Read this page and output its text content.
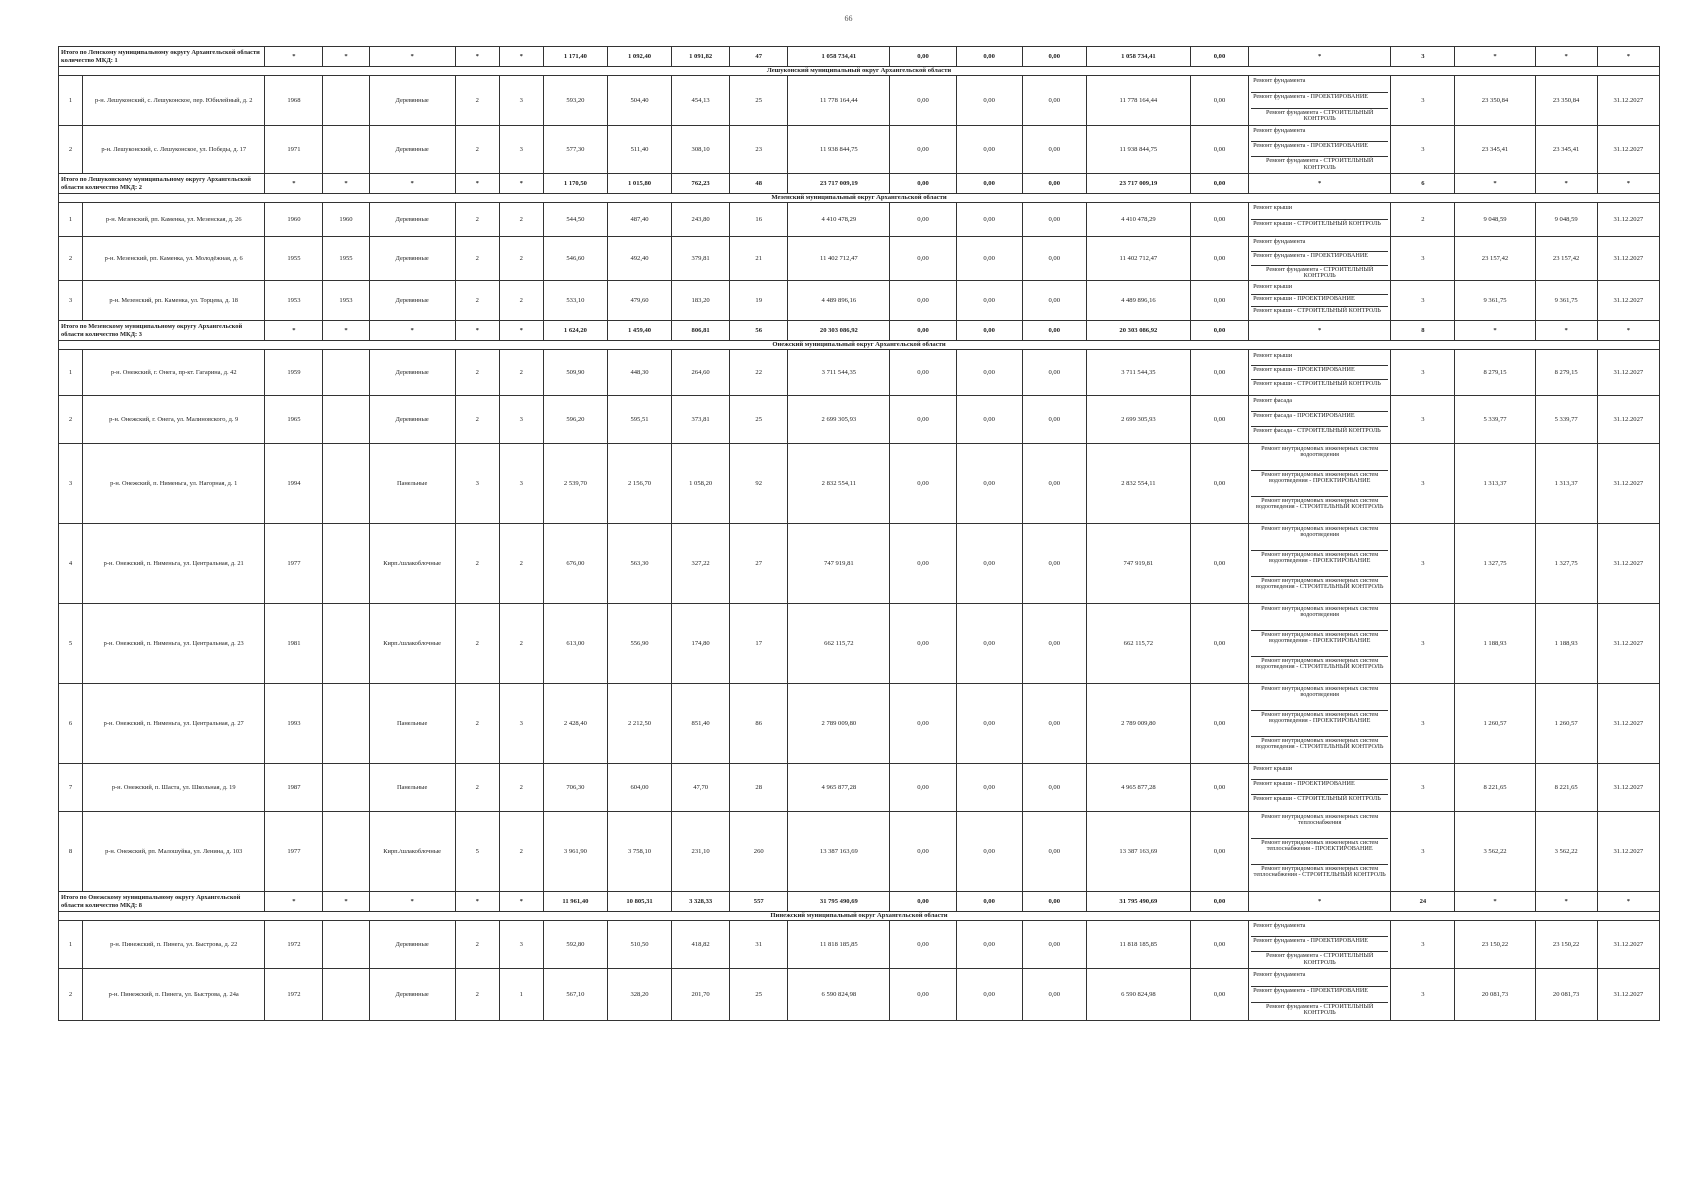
66
Итого по Ленскому муниципальному округу Архангельской области количество МКД: 1		*	*	*	*	*	1 171,40	1 092,40	1 091,82	47	1 058 734,41	0,00	0,00	0,00	1 058 734,41	0,00	*	3	*	*	*
Лешуконский муниципальный округ Архангельской области																					
1	р-н. Лешуконский, с. Лешуконское, пер. Юбилейный, д. 2	1968		Деревянные	2	3	593,20	504,40	454,13	25	11 778 164,44	0,00	0,00	0,00	11 778 164,44	0,00	Ремонт фундамента
Ремонт фундамента - ПРОЕКТИРОВАНИЕ
Ремонт фундамента - СТРОИТЕЛЬНЫЙ КОНТРОЛЬ	3	23 350,84	23 350,84	31.12.2027
2	р-н. Лешуконский, с. Лешуконское, ул. Победы, д. 17	1971		Деревянные	2	3	577,30	511,40	308,10	23	11 938 844,75	0,00	0,00	0,00	11 938 844,75	0,00	Ремонт фундамента
Ремонт фундамента - ПРОЕКТИРОВАНИЕ
Ремонт фундамента - СТРОИТЕЛЬНЫЙ КОНТРОЛЬ	3	23 345,41	23 345,41	31.12.2027
Итого по Лешуконскому муниципальному округу Архангельской области количество МКД: 2		*	*	*	*	*	1 170,50	1 015,80	762,23	48	23 717 009,19	0,00	0,00	0,00	23 717 009,19	0,00	*	6	*	*	*
Мезенский муниципальный округ Архангельской области																					
1	р-н. Мезенский, рп. Каменка, ул. Мезенская, д. 26	1960	1960	Деревянные	2	2	544,50	487,40	243,80	16	4 410 478,29	0,00	0,00	0,00	4 410 478,29	0,00	Ремонт крыши
Ремонт крыши - СТРОИТЕЛЬНЫЙ КОНТРОЛЬ	2	9 048,59	9 048,59	31.12.2027
2	р-н. Мезенский, рп. Каменка, ул. Молодёжная, д. 6	1955	1955	Деревянные	2	2	546,60	492,40	379,81	21	11 402 712,47	0,00	0,00	0,00	11 402 712,47	0,00	Ремонт фундамента
Ремонт фундамента - ПРОЕКТИРОВАНИЕ
Ремонт фундамента - СТРОИТЕЛЬНЫЙ КОНТРОЛЬ	3	23 157,42	23 157,42	31.12.2027
3	р-н. Мезенский, рп. Каменка, ул. Торцева, д. 18	1953	1953	Деревянные	2	2	533,10	479,60	183,20	19	4 489 896,16	0,00	0,00	0,00	4 489 896,16	0,00	Ремонт крыши
Ремонт крыши - ПРОЕКТИРОВАНИЕ
Ремонт крыши - СТРОИТЕЛЬНЫЙ КОНТРОЛЬ	3	9 361,75	9 361,75	31.12.2027
Итого по Мезенскому муниципальному округу Архангельской области количество МКД: 3		*	*	*	*	*	1 624,20	1 459,40	806,81	56	20 303 086,92	0,00	0,00	0,00	20 303 086,92	0,00	*	8	*	*	*
Онежский муниципальный округ Архангельской области																					
1	р-н. Онежский, г. Онега, пр-кт. Гагарина, д. 42	1959		Деревянные	2	2	509,90	448,30	264,60	22	3 711 544,35	0,00	0,00	0,00	3 711 544,35	0,00	Ремонт крыши
Ремонт крыши - ПРОЕКТИРОВАНИЕ
Ремонт крыши - СТРОИТЕЛЬНЫЙ КОНТРОЛЬ	3	8 279,15	8 279,15	31.12.2027
2	р-н. Онежский, г. Онега, ул. Малиновского, д. 9	1965		Деревянные	2	3	596,20	595,51	373,81	25	2 699 305,93	0,00	0,00	0,00	2 699 305,93	0,00	Ремонт фасада
Ремонт фасада - ПРОЕКТИРОВАНИЕ
Ремонт фасада - СТРОИТЕЛЬНЫЙ КОНТРОЛЬ	3	5 339,77	5 339,77	31.12.2027
3	р-н. Онежский, п. Нименьга, ул. Нагорная, д. 1	1994		Панельные	3	3	2 539,70	2 156,70	1 058,20	92	2 832 554,11	0,00	0,00	0,00	2 832 554,11	0,00	Ремонт внутридомовых инженерных систем водоотведения
Ремонт внутридомовых инженерных систем водоотведения - ПРОЕКТИРОВАНИЕ
Ремонт внутридомовых инженерных систем водоотведения - СТРОИТЕЛЬНЫЙ КОНТРОЛЬ	3	1 313,37	1 313,37	31.12.2027
4	р-н. Онежский, п. Нименьга, ул. Центральная, д. 21	1977		Кирп./шлакоблочные	2	2	676,00	563,30	327,22	27	747 919,81	0,00	0,00	0,00	747 919,81	0,00	Ремонт внутридомовых инженерных систем водоотведения
Ремонт внутридомовых инженерных систем водоотведения - ПРОЕКТИРОВАНИЕ
Ремонт внутридомовых инженерных систем водоотведения - СТРОИТЕЛЬНЫЙ КОНТРОЛЬ	3	1 327,75	1 327,75	31.12.2027
5	р-н. Онежский, п. Нименьга, ул. Центральная, д. 23	1981		Кирп./шлакоблочные	2	2	613,00	556,90	174,80	17	662 115,72	0,00	0,00	0,00	662 115,72	0,00	Ремонт внутридомовых инженерных систем водоотведения
Ремонт внутридомовых инженерных систем водоотведения - ПРОЕКТИРОВАНИЕ
Ремонт внутридомовых инженерных систем водоотведения - СТРОИТЕЛЬНЫЙ КОНТРОЛЬ	3	1 188,93	1 188,93	31.12.2027
6	р-н. Онежский, п. Нименьга, ул. Центральная, д. 27	1993		Панельные	2	3	2 428,40	2 212,50	851,40	86	2 789 009,80	0,00	0,00	0,00	2 789 009,80	0,00	Ремонт внутридомовых инженерных систем водоотведения
Ремонт внутридомовых инженерных систем водоотведения - ПРОЕКТИРОВАНИЕ
Ремонт внутридомовых инженерных систем водоотведения - СТРОИТЕЛЬНЫЙ КОНТРОЛЬ	3	1 260,57	1 260,57	31.12.2027
7	р-н. Онежский, п. Шаста, ул. Школьная, д. 19	1987		Панельные	2	2	706,30	604,00	47,70	28	4 965 877,28	0,00	0,00	0,00	4 965 877,28	0,00	Ремонт крыши
Ремонт крыши - ПРОЕКТИРОВАНИЕ
Ремонт крыши - СТРОИТЕЛЬНЫЙ КОНТРОЛЬ	3	8 221,65	8 221,65	31.12.2027
8	р-н. Онежский, рп. Малошуйка, ул. Ленина, д. 103	1977		Кирп./шлакоблочные	5	2	3 961,90	3 758,10	231,10	260	13 387 163,69	0,00	0,00	0,00	13 387 163,69	0,00	Ремонт внутридомовых инженерных систем теплоснабжения
Ремонт внутридомовых инженерных систем теплоснабжения - ПРОЕКТИРОВАНИЕ
Ремонт внутридомовых инженерных систем теплоснабжения - СТРОИТЕЛЬНЫЙ КОНТРОЛЬ	3	3 562,22	3 562,22	31.12.2027
Итого по Онежскому муниципальному округу Архангельской области количество МКД: 8		*	*	*	*	*	11 961,40	10 805,31	3 328,33	557	31 795 490,69	0,00	0,00	0,00	31 795 490,69	0,00	*	24	*	*	*
Пинежский муниципальный округ Архангельской области																					
1	р-н. Пинежский, п. Пинега, ул. Быстрова, д. 22	1972		Деревянные	2	3	592,80	510,50	418,82	31	11 818 185,85	0,00	0,00	0,00	11 818 185,85	0,00	Ремонт фундамента
Ремонт фундамента - ПРОЕКТИРОВАНИЕ
Ремонт фундамента - СТРОИТЕЛЬНЫЙ КОНТРОЛЬ	3	23 150,22	23 150,22	31.12.2027
2	р-н. Пинежский, п. Пинега, ул. Быстрова, д. 24а	1972		Деревянные	2	1	567,10	328,20	201,70	25	6 590 824,98	0,00	0,00	0,00	6 590 824,98	0,00	Ремонт фундамента
Ремонт фундамента - ПРОЕКТИРОВАНИЕ
Ремонт фундамента - СТРОИТЕЛЬНЫЙ КОНТРОЛЬ	3	20 081,73	20 081,73	31.12.2027
